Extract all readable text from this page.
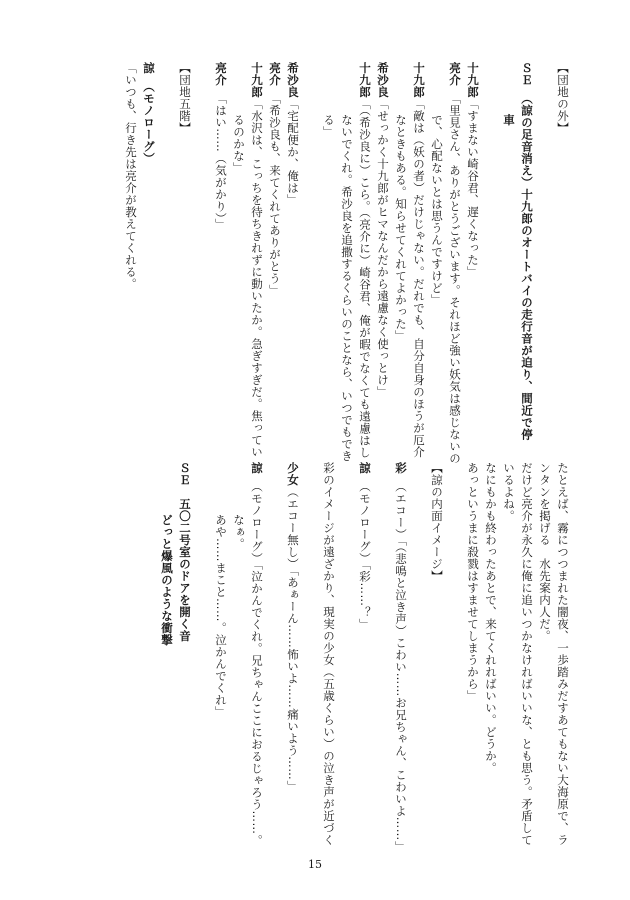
【団地の外】
ＳＥ　（諒の足音消え）十九郎のオートバイの走行音が迫り、間近で停
車
十九郎「すまない崎谷君、遅くなった」
亮介　「里見さん、ありがとうございます。それほど強い妖気は感じないの
で、心配ないとは思うんですけど」
十九郎「敵は（妖の者）だけじゃない。だれでも、自分自身のほうが厄介
なときもある。知らせてくれてよかった」
希沙良「せっかく十九郎がヒマなんだから遠慮なく使っとけ」
十九郎「（希沙良に）こら。（亮介に）崎谷君、俺が暇でなくても遠慮はし
ないでくれ。希沙良を追撒するくらいのことなら、いつでもでき
る」
希沙良「宅配便か、俺は」
亮介　「希沙良も、来てくれてありがとう」
十九郎「水沢は、こっちを待ちきれずに動いたか。急ぎすぎだ。焦ってい
るのかな」
亮介　「はい……（気がかり）」
【団地五階】
諒　（モノローグ）
「いつも、行き先は亮介が教えてくれる。
たとえば、霧につつまれた闇夜、一歩踏みだすあてもない大海原で、ラ
ンタンを掲げる　水先案内人だ。
だけど亮介が永久に俺に追いつかなければいいな、とも思う。矛盾して
いるよね。
なにもかも終わったあとで、来てくれればいい。どうか。
あっというまに殺戮はすませてしまうから」
【諒の内面イメージ】
彩　（エコー）「（悲鳴と泣き声）こわい……お兄ちゃん、こわいよ……」
諒　（モノローグ）「彩……？」
彩のイメージが遠ざかり、現実の少女（五歳くらい）の泣き声が近づく
少女（エコー無し）「あぁーん……怖いよ……痛いよう……」
諒　（モノローグ）「泣かんでくれ。兄ちゃんここにおるじゃろう……。
なぁ。
あや……まこと……。泣かんでくれ」
ＳＥ　五〇二号室のドアを開く音
どっと爆風のような衝撃
15
